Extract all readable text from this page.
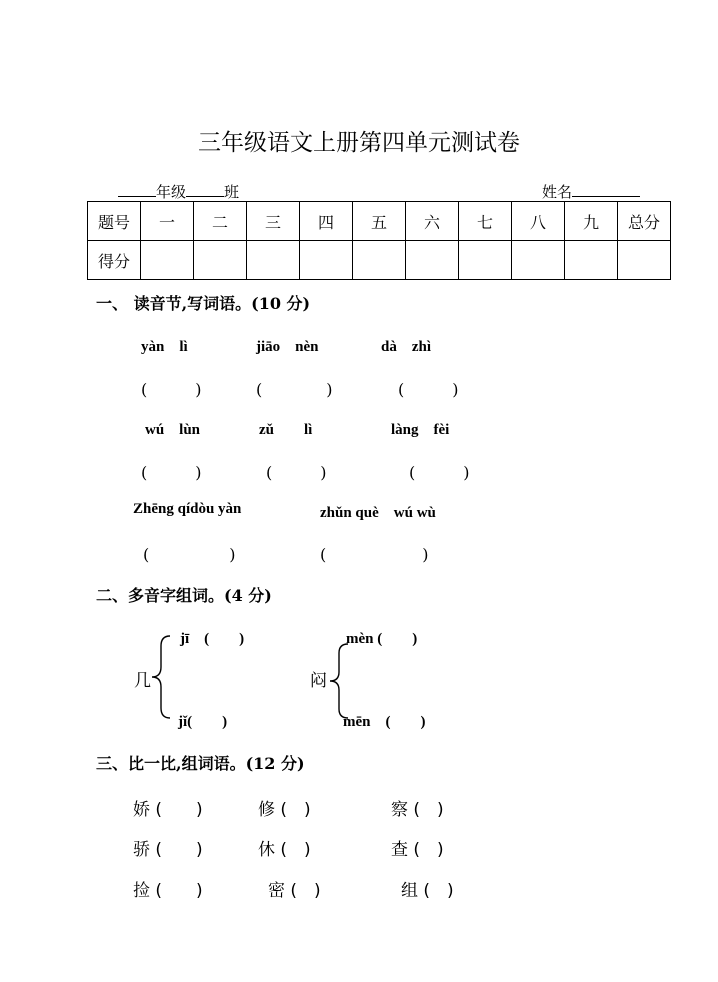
三年级语文上册第四单元测试卷
年级	班	姓名
题号	一	二	三	四	五	六	七	八	九	总分
得分										
一、 读音节,写词语。(10 分)
yàn　lì	jiāo　nèn	dà　zhì
(　　　)	(　　　　)	(　　　)
wú　lùn	zǔ　　lì	làng　fèi
(　　　)	(　　　)	(　　　)
Zhēng qídòu yàn	zhǔn què　wú wù
(　　　　　)	(　　　　　　)
二、多音字组词。(4 分)
jī　(　　)
几
jǐ(　　)
mèn (　　)
闷
mēn　(　　)
三、比一比,组词语。(12 分)
娇 (　　)	修 (　)	察 (　)
骄 (　　)	休 (　)	查 (　)
捡 (　　)	密 (　)	组 (　)
